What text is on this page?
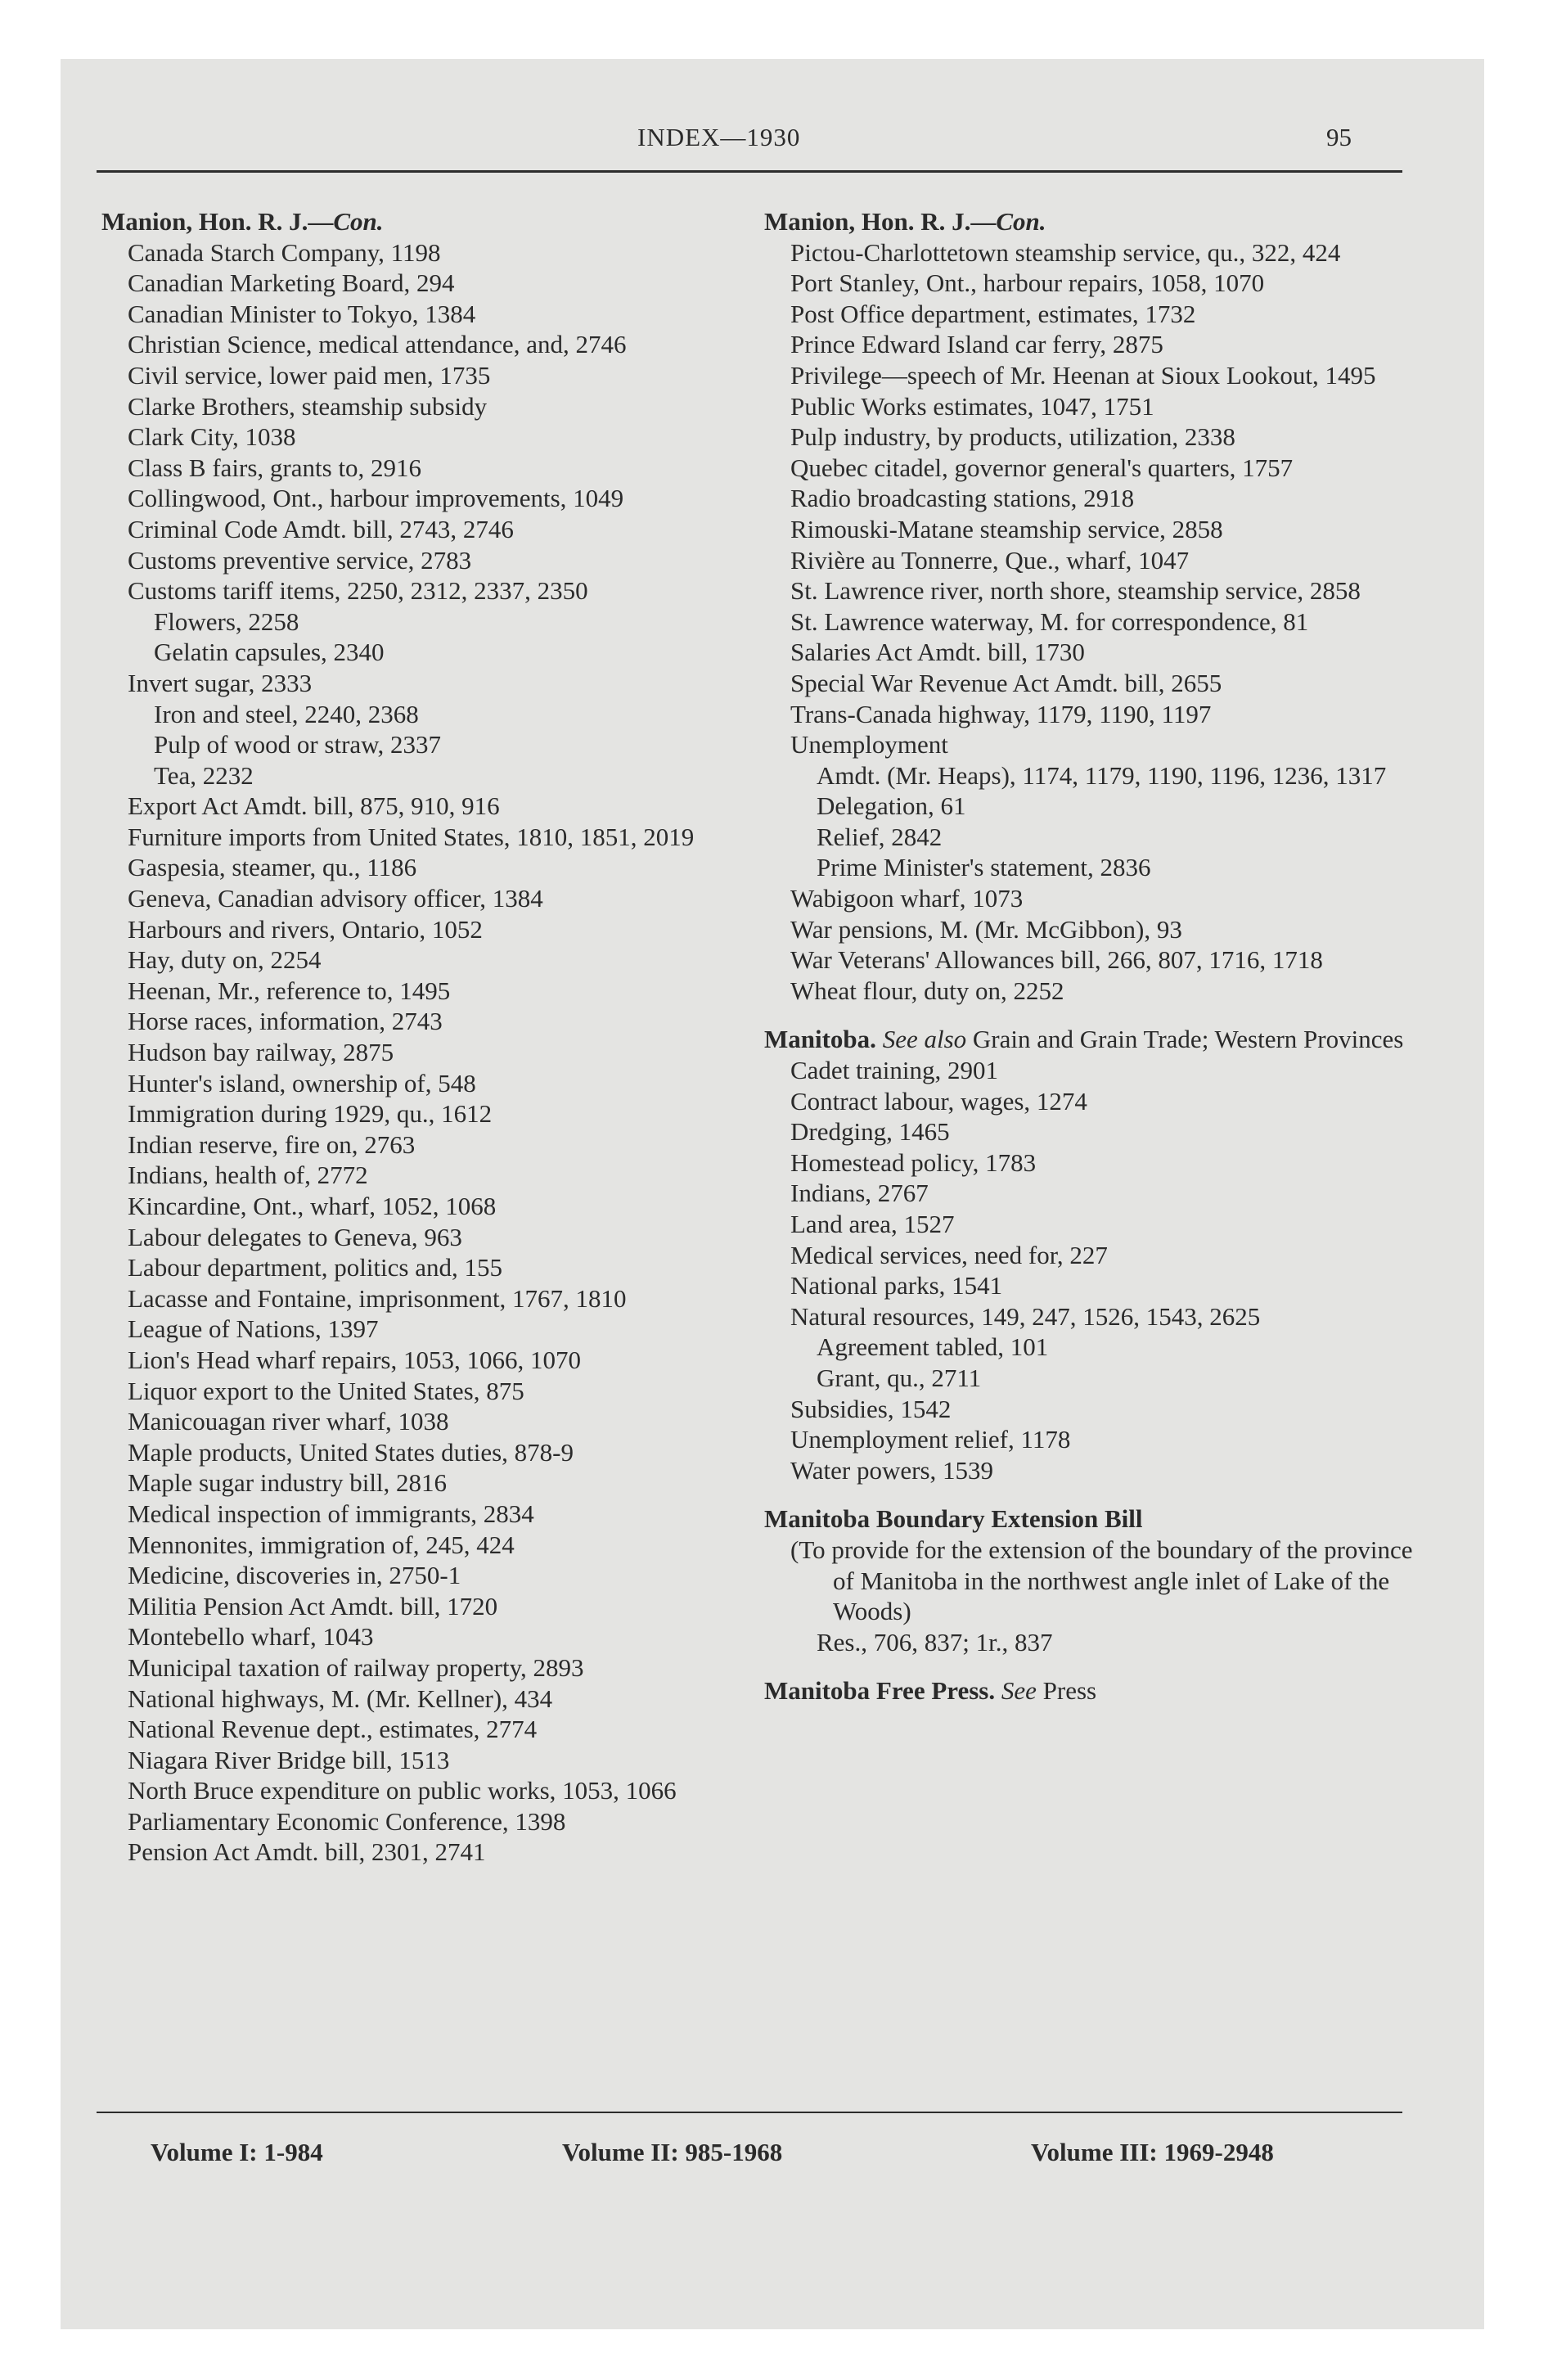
INDEX—1930	95
Manion, Hon. R. J.—Con.
Canada Starch Company, 1198
Canadian Marketing Board, 294
Canadian Minister to Tokyo, 1384
Christian Science, medical attendance, and, 2746
Civil service, lower paid men, 1735
Clarke Brothers, steamship subsidy
Clark City, 1038
Class B fairs, grants to, 2916
Collingwood, Ont., harbour improvements, 1049
Criminal Code Amdt. bill, 2743, 2746
Customs preventive service, 2783
Customs tariff items, 2250, 2312, 2337, 2350
Flowers, 2258
Gelatin capsules, 2340
Invert sugar, 2333
Iron and steel, 2240, 2368
Pulp of wood or straw, 2337
Tea, 2232
Export Act Amdt. bill, 875, 910, 916
Furniture imports from United States, 1810, 1851, 2019
Gaspesia, steamer, qu., 1186
Geneva, Canadian advisory officer, 1384
Harbours and rivers, Ontario, 1052
Hay, duty on, 2254
Heenan, Mr., reference to, 1495
Horse races, information, 2743
Hudson bay railway, 2875
Hunter's island, ownership of, 548
Immigration during 1929, qu., 1612
Indian reserve, fire on, 2763
Indians, health of, 2772
Kincardine, Ont., wharf, 1052, 1068
Labour delegates to Geneva, 963
Labour department, politics and, 155
Lacasse and Fontaine, imprisonment, 1767, 1810
League of Nations, 1397
Lion's Head wharf repairs, 1053, 1066, 1070
Liquor export to the United States, 875
Manicouagan river wharf, 1038
Maple products, United States duties, 878-9
Maple sugar industry bill, 2816
Medical inspection of immigrants, 2834
Mennonites, immigration of, 245, 424
Medicine, discoveries in, 2750-1
Militia Pension Act Amdt. bill, 1720
Montebello wharf, 1043
Municipal taxation of railway property, 2893
National highways, M. (Mr. Kellner), 434
National Revenue dept., estimates, 2774
Niagara River Bridge bill, 1513
North Bruce expenditure on public works, 1053, 1066
Parliamentary Economic Conference, 1398
Pension Act Amdt. bill, 2301, 2741
Manion, Hon. R. J.—Con.
Pictou-Charlottetown steamship service, qu., 322, 424
Port Stanley, Ont., harbour repairs, 1058, 1070
Post Office department, estimates, 1732
Prince Edward Island car ferry, 2875
Privilege—speech of Mr. Heenan at Sioux Lookout, 1495
Public Works estimates, 1047, 1751
Pulp industry, by products, utilization, 2338
Quebec citadel, governor general's quarters, 1757
Radio broadcasting stations, 2918
Rimouski-Matane steamship service, 2858
Rivière au Tonnerre, Que., wharf, 1047
St. Lawrence river, north shore, steamship service, 2858
St. Lawrence waterway, M. for correspondence, 81
Salaries Act Amdt. bill, 1730
Special War Revenue Act Amdt. bill, 2655
Trans-Canada highway, 1179, 1190, 1197
Unemployment
Amdt. (Mr. Heaps), 1174, 1179, 1190, 1196, 1236, 1317
Delegation, 61
Relief, 2842
Prime Minister's statement, 2836
Wabigoon wharf, 1073
War pensions, M. (Mr. McGibbon), 93
War Veterans' Allowances bill, 266, 807, 1716, 1718
Wheat flour, duty on, 2252
Manitoba. See also Grain and Grain Trade; Western Provinces
Cadet training, 2901
Contract labour, wages, 1274
Dredging, 1465
Homestead policy, 1783
Indians, 2767
Land area, 1527
Medical services, need for, 227
National parks, 1541
Natural resources, 149, 247, 1526, 1543, 2625
Agreement tabled, 101
Grant, qu., 2711
Subsidies, 1542
Unemployment relief, 1178
Water powers, 1539
Manitoba Boundary Extension Bill
(To provide for the extension of the boundary of the province of Manitoba in the northwest angle inlet of Lake of the Woods)
Res., 706, 837; 1r., 837
Manitoba Free Press. See Press
Volume I: 1-984	Volume II: 985-1968	Volume III: 1969-2948
